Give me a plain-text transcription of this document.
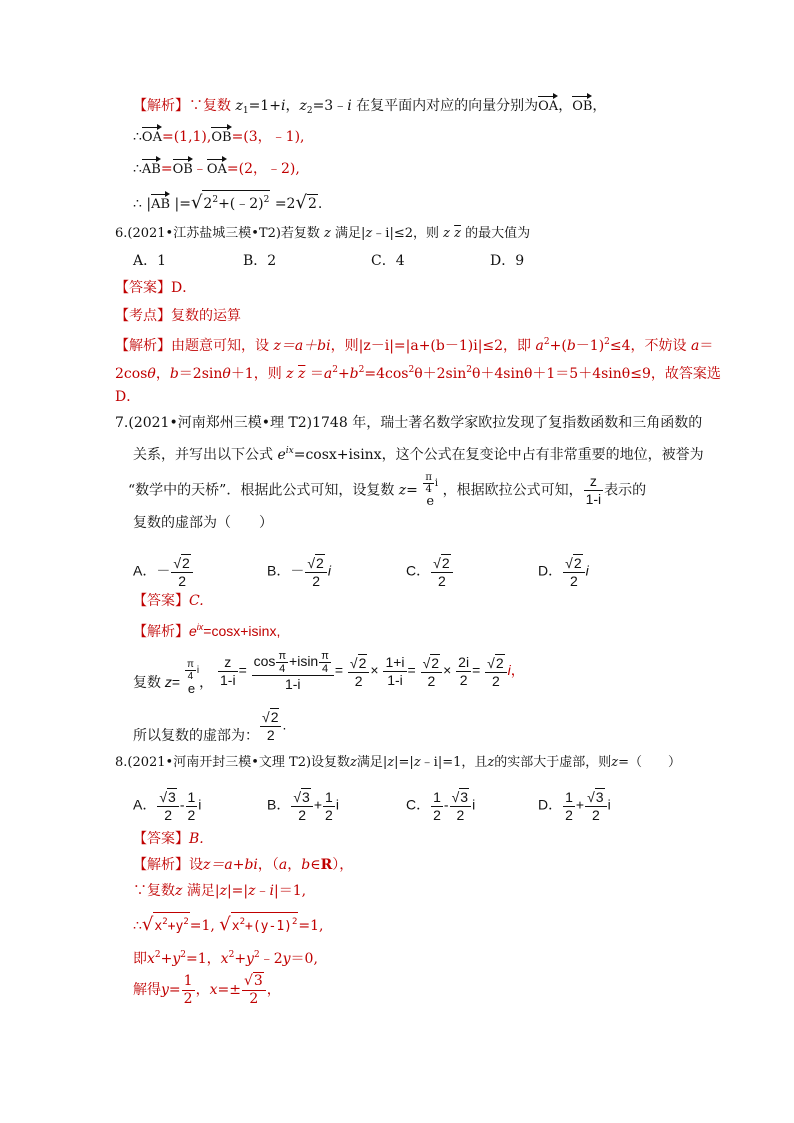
【解析】∵复数 $z_1=1+i$，$z_2=3﹣i$ 在复平面内对应的向量分别为OA，OB，
∴OA=(1,1),OB=(3，﹣1),
∴AB=OB﹣OA=(2，﹣2),
∴ |AB $|=√2^2+(﹣2)^2 =2√2$.
6.(2021•江苏盐城三模•T2)若复数 z 满足|z﹣i|≤2，则 z $\overline{z}$ 的最大值为
A．1	B．2	C．4	D．9
【答案】D．
【考点】复数的运算
【解析】由题意可知，设 z＝a＋bi，则|z－i|=|a+(b－1)i|≤2，即 $a^2+(b-1)^2\le 4$，不妨设 a＝
2cosθ，b＝2sinθ＋1，则 z $\overline{z} =a^2+b^2=4\cos^2\theta+2\sin^2\theta+4\sin\theta+1=5+4\sin\theta\le 9$，故答案选
D．
7.(2021•河南郑州三模•理 T2)1748 年，瑞士著名数学家欧拉发现了复指数函数和三角函数的
关系，并写出以下公式 $e^{ix}=\cos x+isinx$，这个公式在复变论中占有非常重要的地位，被誉为
“数学中的天桥”．根据此公式可知，设复数 $z= \frac{\pi}{4}$ i
e
，根据欧拉公式可知， $\frac{z}{1-i}$ 表示的
复数的虚部为（　　）
A．－ $\frac{√2}{2}$	B．－ $\frac{√2}{2}$ i	C． $\frac{√2}{2}$	D． $\frac{√2}{2}$ i
【答案】C.
【解析】$e^{ix}=\cos x+isinx$,
复数 z=
$\frac{\pi}{4}$ i
e ， $\frac{z}{1-i} = \frac{\cos \frac{\pi}{4} +isin \frac{\pi}{4}}{1-i} = \frac{√2}{2} \times \frac{1+i}{1-i} = \frac{√2}{2} \times \frac{2i}{2} = \frac{√2}{2}$ i，
所以复数的虚部为： $\frac{√2}{2}$ .
8.(2021•河南开封三模•文理 T2)设复数z满足|z|=|z﹣i|=1，且z的实部大于虚部，则z=（　　）
A． $\frac{√3}{2} - \frac{1}{2}$ i	B． $\frac{√3}{2} + \frac{1}{2}$ i	C． $\frac{1}{2} - \frac{√3}{2}$ i	D． $\frac{1}{2} + \frac{√3}{2}$ i
【答案】B.
【解析】设z＝a+bi，（a，b∈R），
∵复数z 满足|z|=|z﹣i|＝1,
$\therefore√x^2+y^2=1$, $√x^2+(y-1)^2=1$,
即$x^2+y^2=1$，$x^2+y^2﹣2y=0$,
解得$y= \frac{1}{2}$ ，$x=\pm \frac{√3}{2}$ ，
